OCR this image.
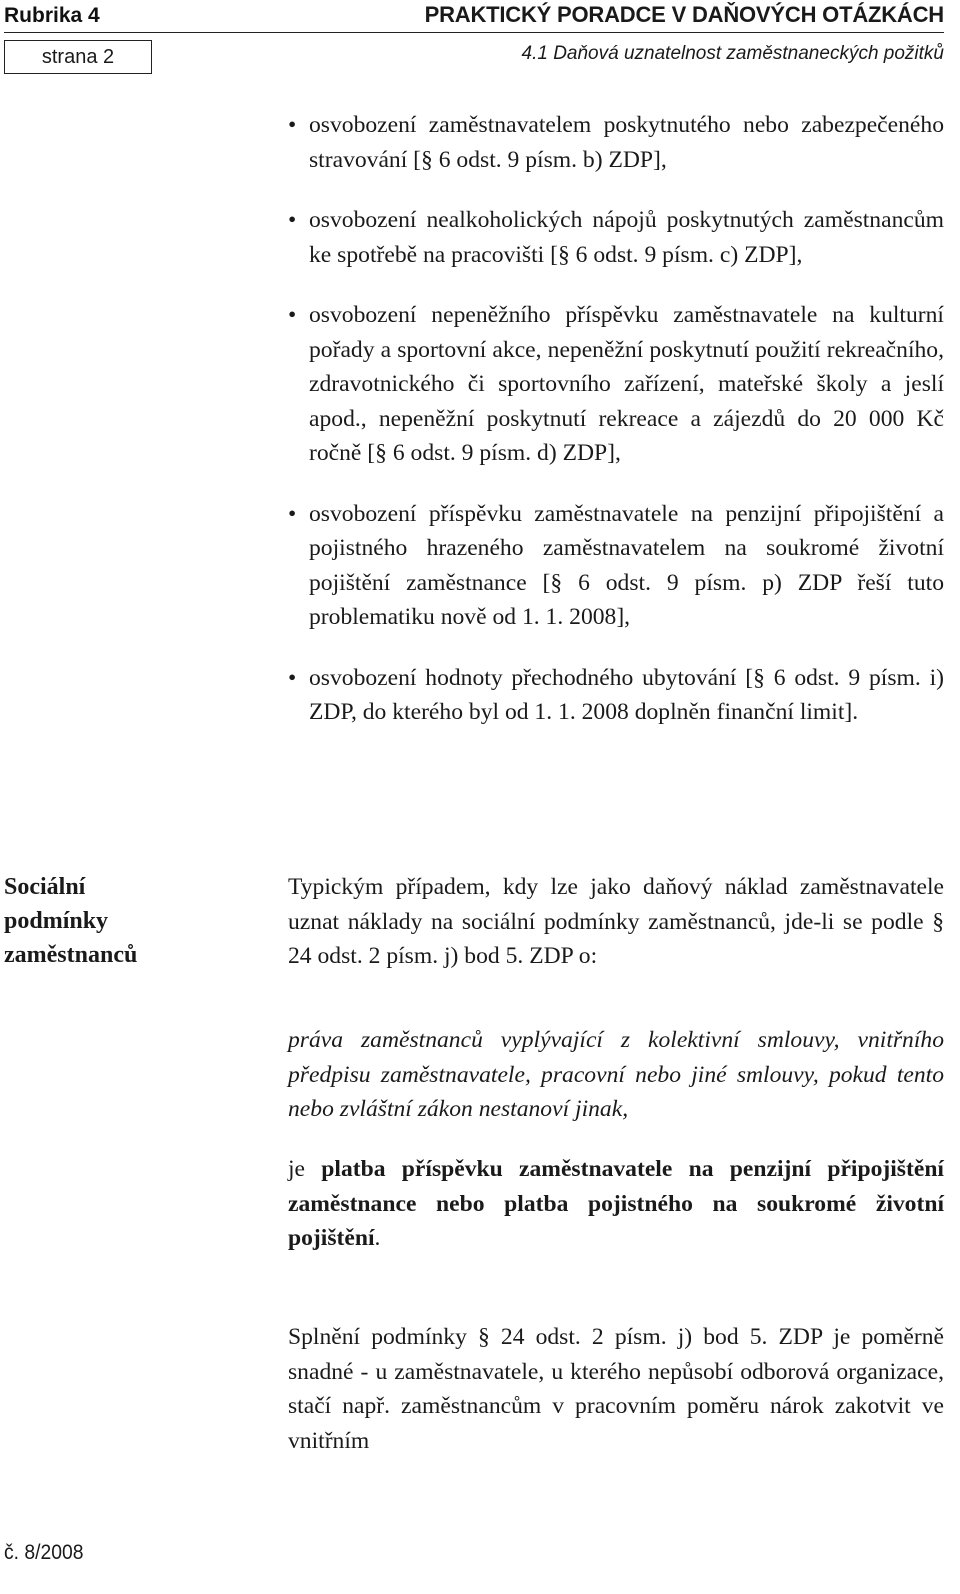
Rubrika 4	PRAKTICKÝ PORADCE V DAŇOVÝCH OTÁZKÁCH
strana 2	4.1 Daňová uznatelnost zaměstnaneckých požitků
• osvobození zaměstnavatelem poskytnutého nebo zabezpečeného stravování [§ 6 odst. 9 písm. b) ZDP],
• osvobození nealkoholických nápojů poskytnutých zaměstnancům ke spotřebě na pracovišti [§ 6 odst. 9 písm. c) ZDP],
• osvobození nepeněžního příspěvku zaměstnavatele na kulturní pořady a sportovní akce, nepeněžní poskytnutí použití rekreačního, zdravotnického či sportovního zařízení, mateřské školy a jeslí apod., nepeněžní poskytnutí rekreace a zájezdů do 20 000 Kč ročně [§ 6 odst. 9 písm. d) ZDP],
• osvobození příspěvku zaměstnavatele na penzijní připojištění a pojistného hrazeného zaměstnavatelem na soukromé životní pojištění zaměstnance [§ 6 odst. 9 písm. p) ZDP řeší tuto problematiku nově od 1. 1. 2008],
• osvobození hodnoty přechodného ubytování [§ 6 odst. 9 písm. i) ZDP, do kterého byl od 1. 1. 2008 doplněn finanční limit].
Sociální
podmínky
zaměstnanců

Typickým případem, kdy lze jako daňový náklad zaměstnavatele uznat náklady na sociální podmínky zaměstnanců, jde-li se podle § 24 odst. 2 písm. j) bod 5. ZDP o:

práva zaměstnanců vyplývající z kolektivní smlouvy, vnitřního předpisu zaměstnavatele, pracovní nebo jiné smlouvy, pokud tento nebo zvláštní zákon nestanoví jinak,

je platba příspěvku zaměstnavatele na penzijní připojištění zaměstnance nebo platba pojistného na soukromé životní pojištění.

Splnění podmínky § 24 odst. 2 písm. j) bod 5. ZDP je poměrně snadné - u zaměstnavatele, u kterého nepůsobí odborová organizace, stačí např. zaměstnancům v pracovním poměru nárok zakotvit ve vnitřním

č. 8/2008
